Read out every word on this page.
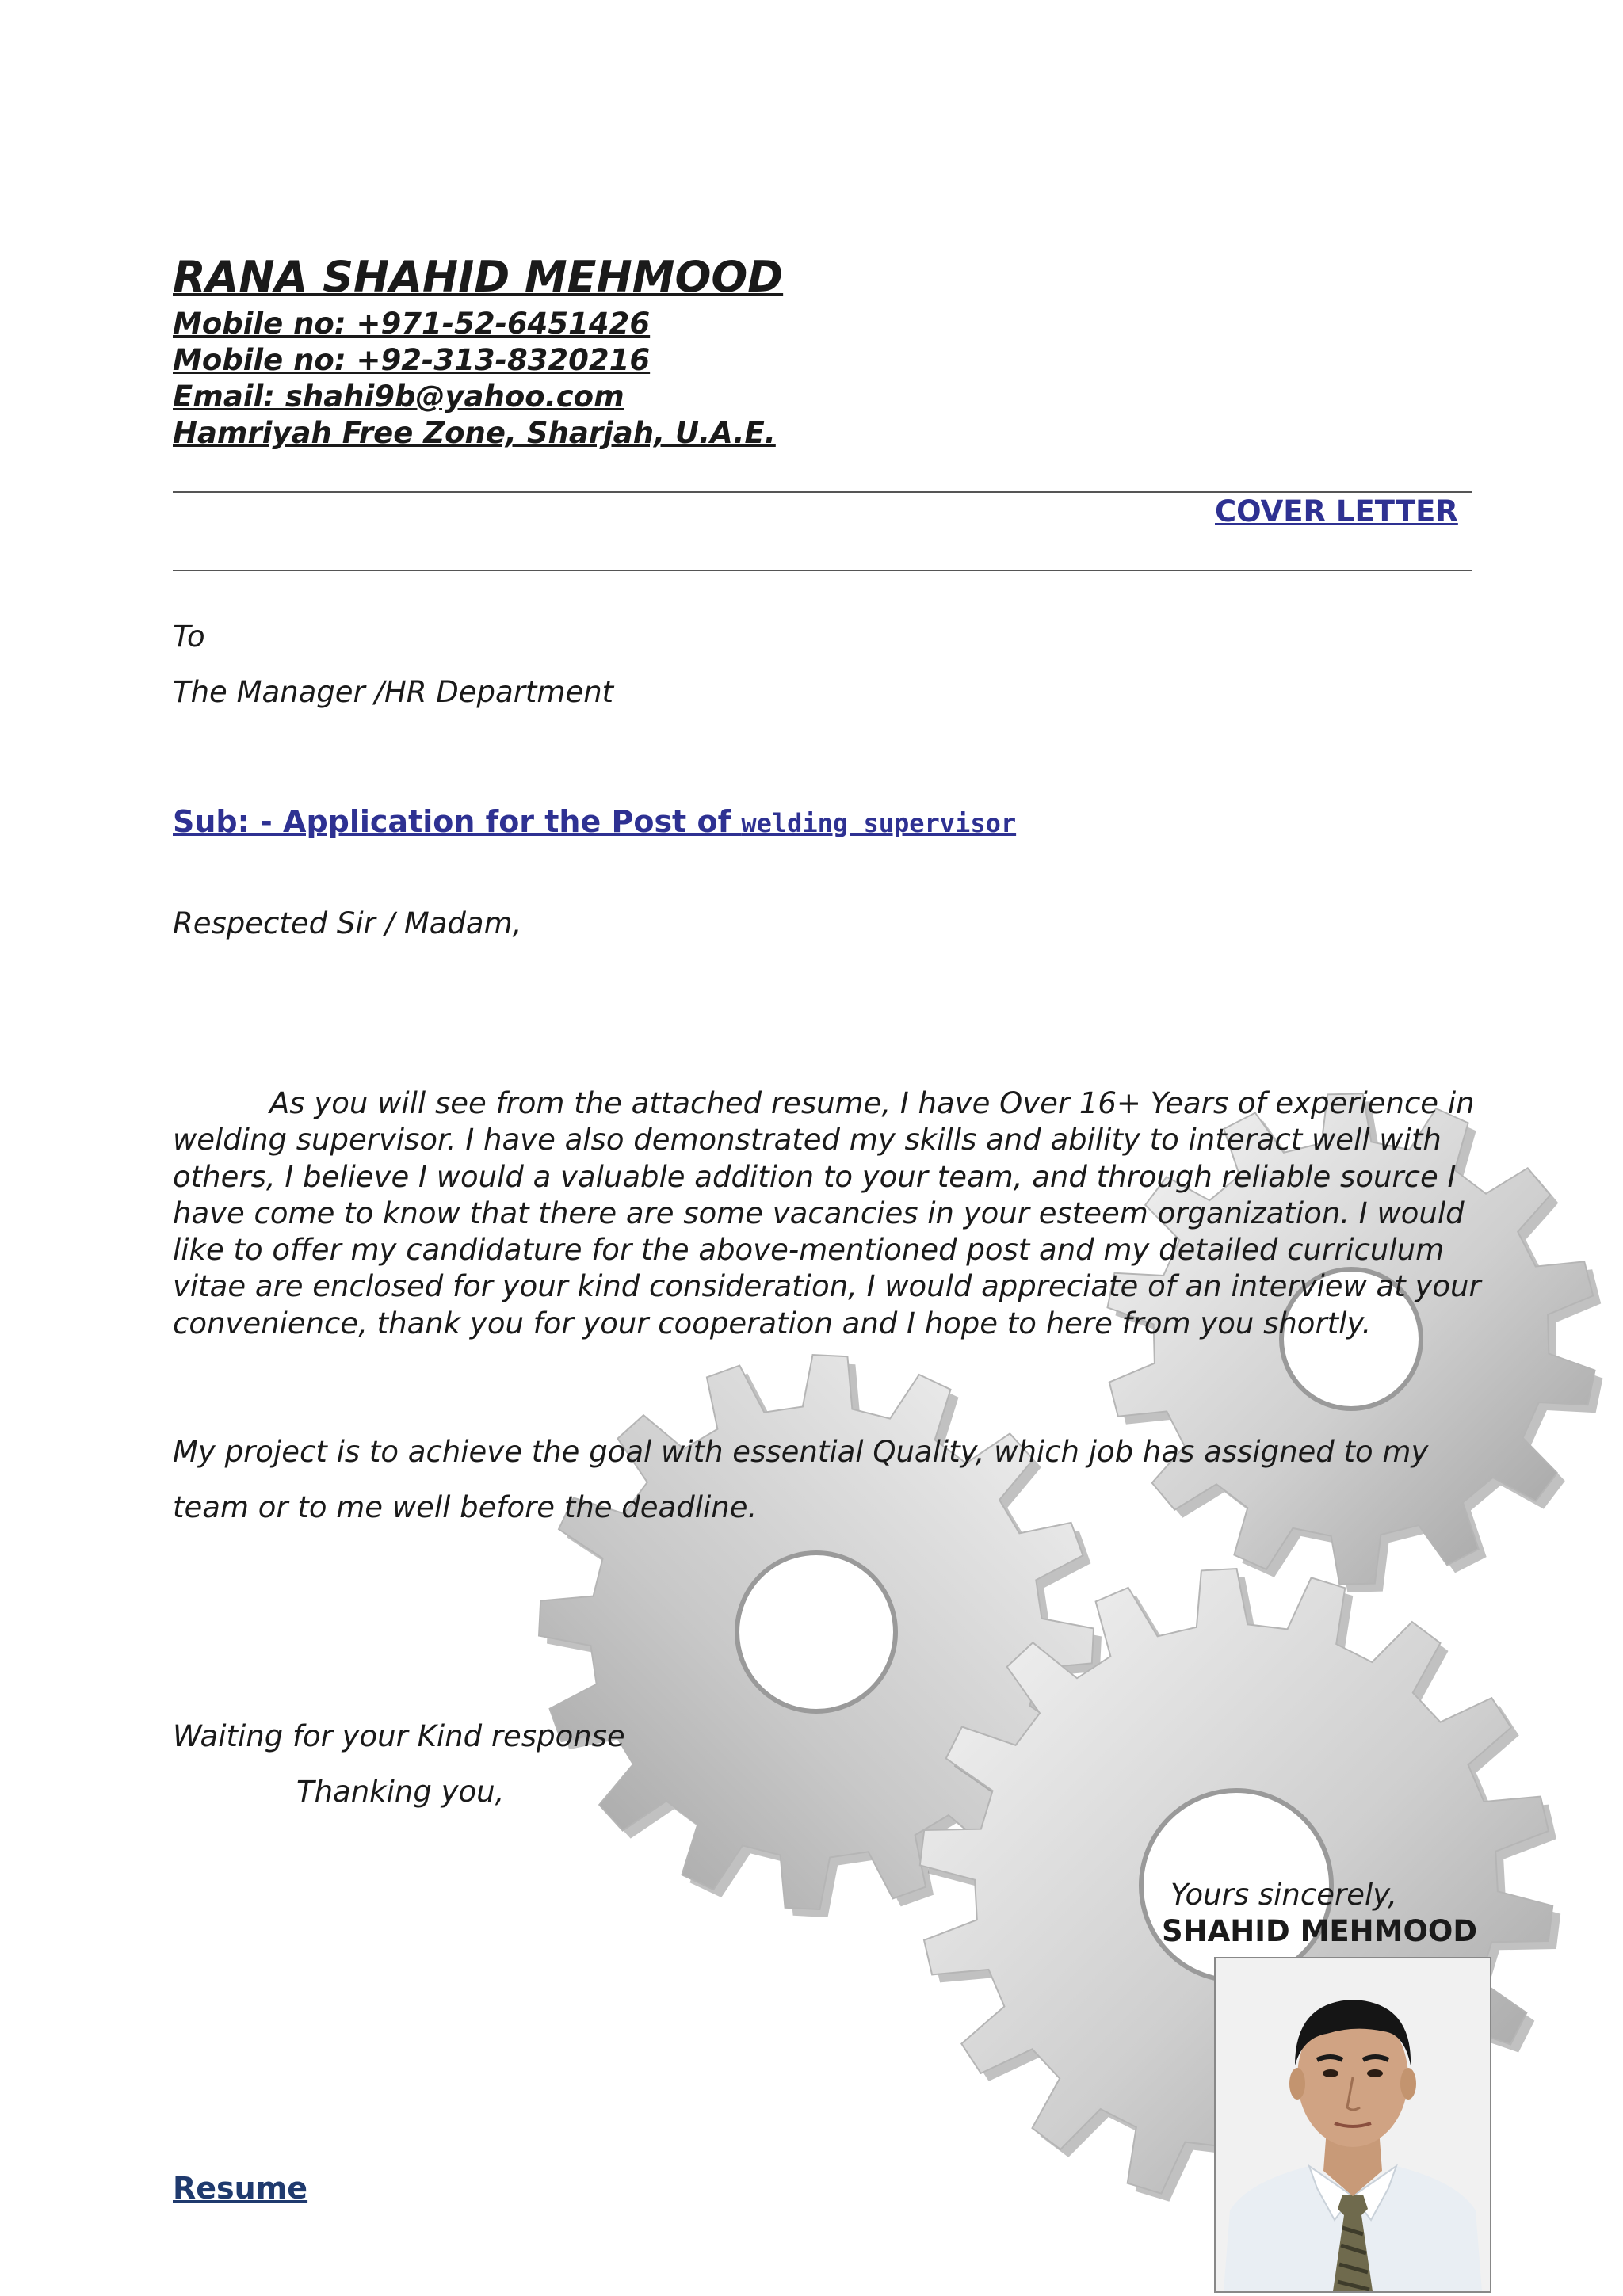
RANA SHAHID MEHMOOD
Mobile no: +971-52-6451426
Mobile no: +92-313-8320216
Email: shahi9b@yahoo.com
Hamriyah Free Zone, Sharjah, U.A.E.
COVER LETTER
To
The Manager /HR Department
Sub: - Application for the Post of welding supervisor
Respected Sir / Madam,
As you will see from the attached resume, I have Over 16+ Years of experience in
welding supervisor. I have also demonstrated my skills and ability to interact well with
others, I believe I would a valuable addition to your team, and through reliable source I
have come to know that there are some vacancies in your esteem organization. I would
like to offer my candidature for the above-mentioned post and my detailed curriculum
vitae are enclosed for your kind consideration, I would appreciate of an interview at your
convenience, thank you for your cooperation and I hope to here from you shortly.
My project is to achieve the goal with essential Quality, which job has assigned to my
team or to me well before the deadline.
Waiting for your Kind response
Thanking you,
Yours sincerely,
SHAHID MEHMOOD
Resume
